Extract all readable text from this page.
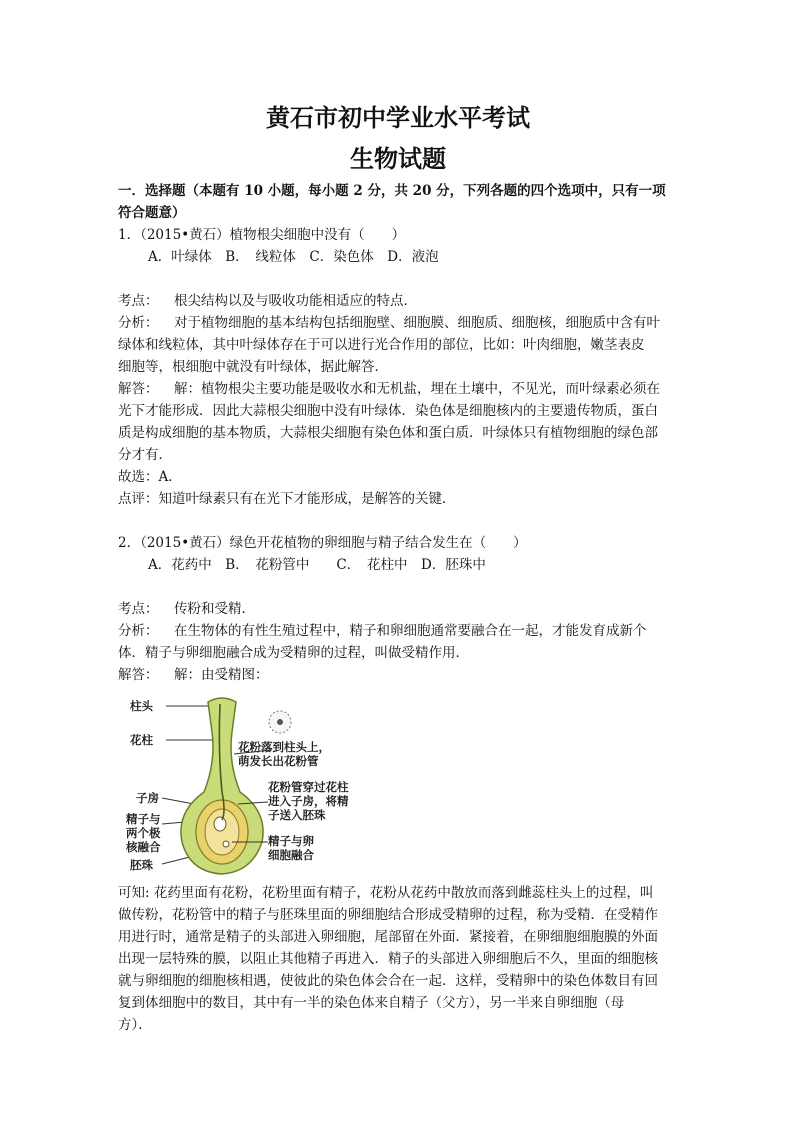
黄石市初中学业水平考试

生物试题

一．选择题（本题有 10 小题，每小题 2 分，共 20 分，下列各题的四个选项中，只有一项

符合题意）

1．（2015•黄石）植物根尖细胞中没有（　　）

A．叶绿体　B．　线粒体　C．染色体　D．液泡

考点： 根尖结构以及与吸收功能相适应的特点．

分析： 对于植物细胞的基本结构包括细胞壁、细胞膜、细胞质、细胞核，细胞质中含有叶

绿体和线粒体，其中叶绿体存在于可以进行光合作用的部位，比如：叶肉细胞，嫩茎表皮

细胞等，根细胞中就没有叶绿体，据此解答．

解答： 解：植物根尖主要功能是吸收水和无机盐，埋在土壤中，不见光，而叶绿素必须在

光下才能形成．因此大蒜根尖细胞中没有叶绿体．染色体是细胞核内的主要遗传物质，蛋白

质是构成细胞的基本物质，大蒜根尖细胞有染色体和蛋白质．叶绿体只有植物细胞的绿色部

分才有．

故选：A．

点评：知道叶绿素只有在光下才能形成，是解答的关键．

2．（2015•黄石）绿色开花植物的卵细胞与精子结合发生在（　　）

A．花药中　B．　花粉管中　　C．　花柱中　D．胚珠中

考点： 传粉和受精．

分析： 在生物体的有性生殖过程中，精子和卵细胞通常要融合在一起，才能发育成新个

体．精子与卵细胞融合成为受精卵的过程，叫做受精作用．

解答： 解：由受精图：

柱头
花柱
子房
精子与
两个极
核融合
胚珠
花粉落到柱头上，
萌发长出花粉管
花粉管穿过花柱
进入子房，将精
子送入胚珠
精子与卵
细胞融合

可知: 花药里面有花粉，花粉里面有精子，花粉从花药中散放而落到雌蕊柱头上的过程，叫

做传粉，花粉管中的精子与胚珠里面的卵细胞结合形成受精卵的过程，称为受精．在受精作

用进行时，通常是精子的头部进入卵细胞，尾部留在外面．紧接着，在卵细胞细胞膜的外面

出现一层特殊的膜，以阻止其他精子再进入．精子的头部进入卵细胞后不久，里面的细胞核

就与卵细胞的细胞核相遇，使彼此的染色体会合在一起．这样，受精卵中的染色体数目有回

复到体细胞中的数目，其中有一半的染色体来自精子（父方），另一半来自卵细胞（母

方）．
